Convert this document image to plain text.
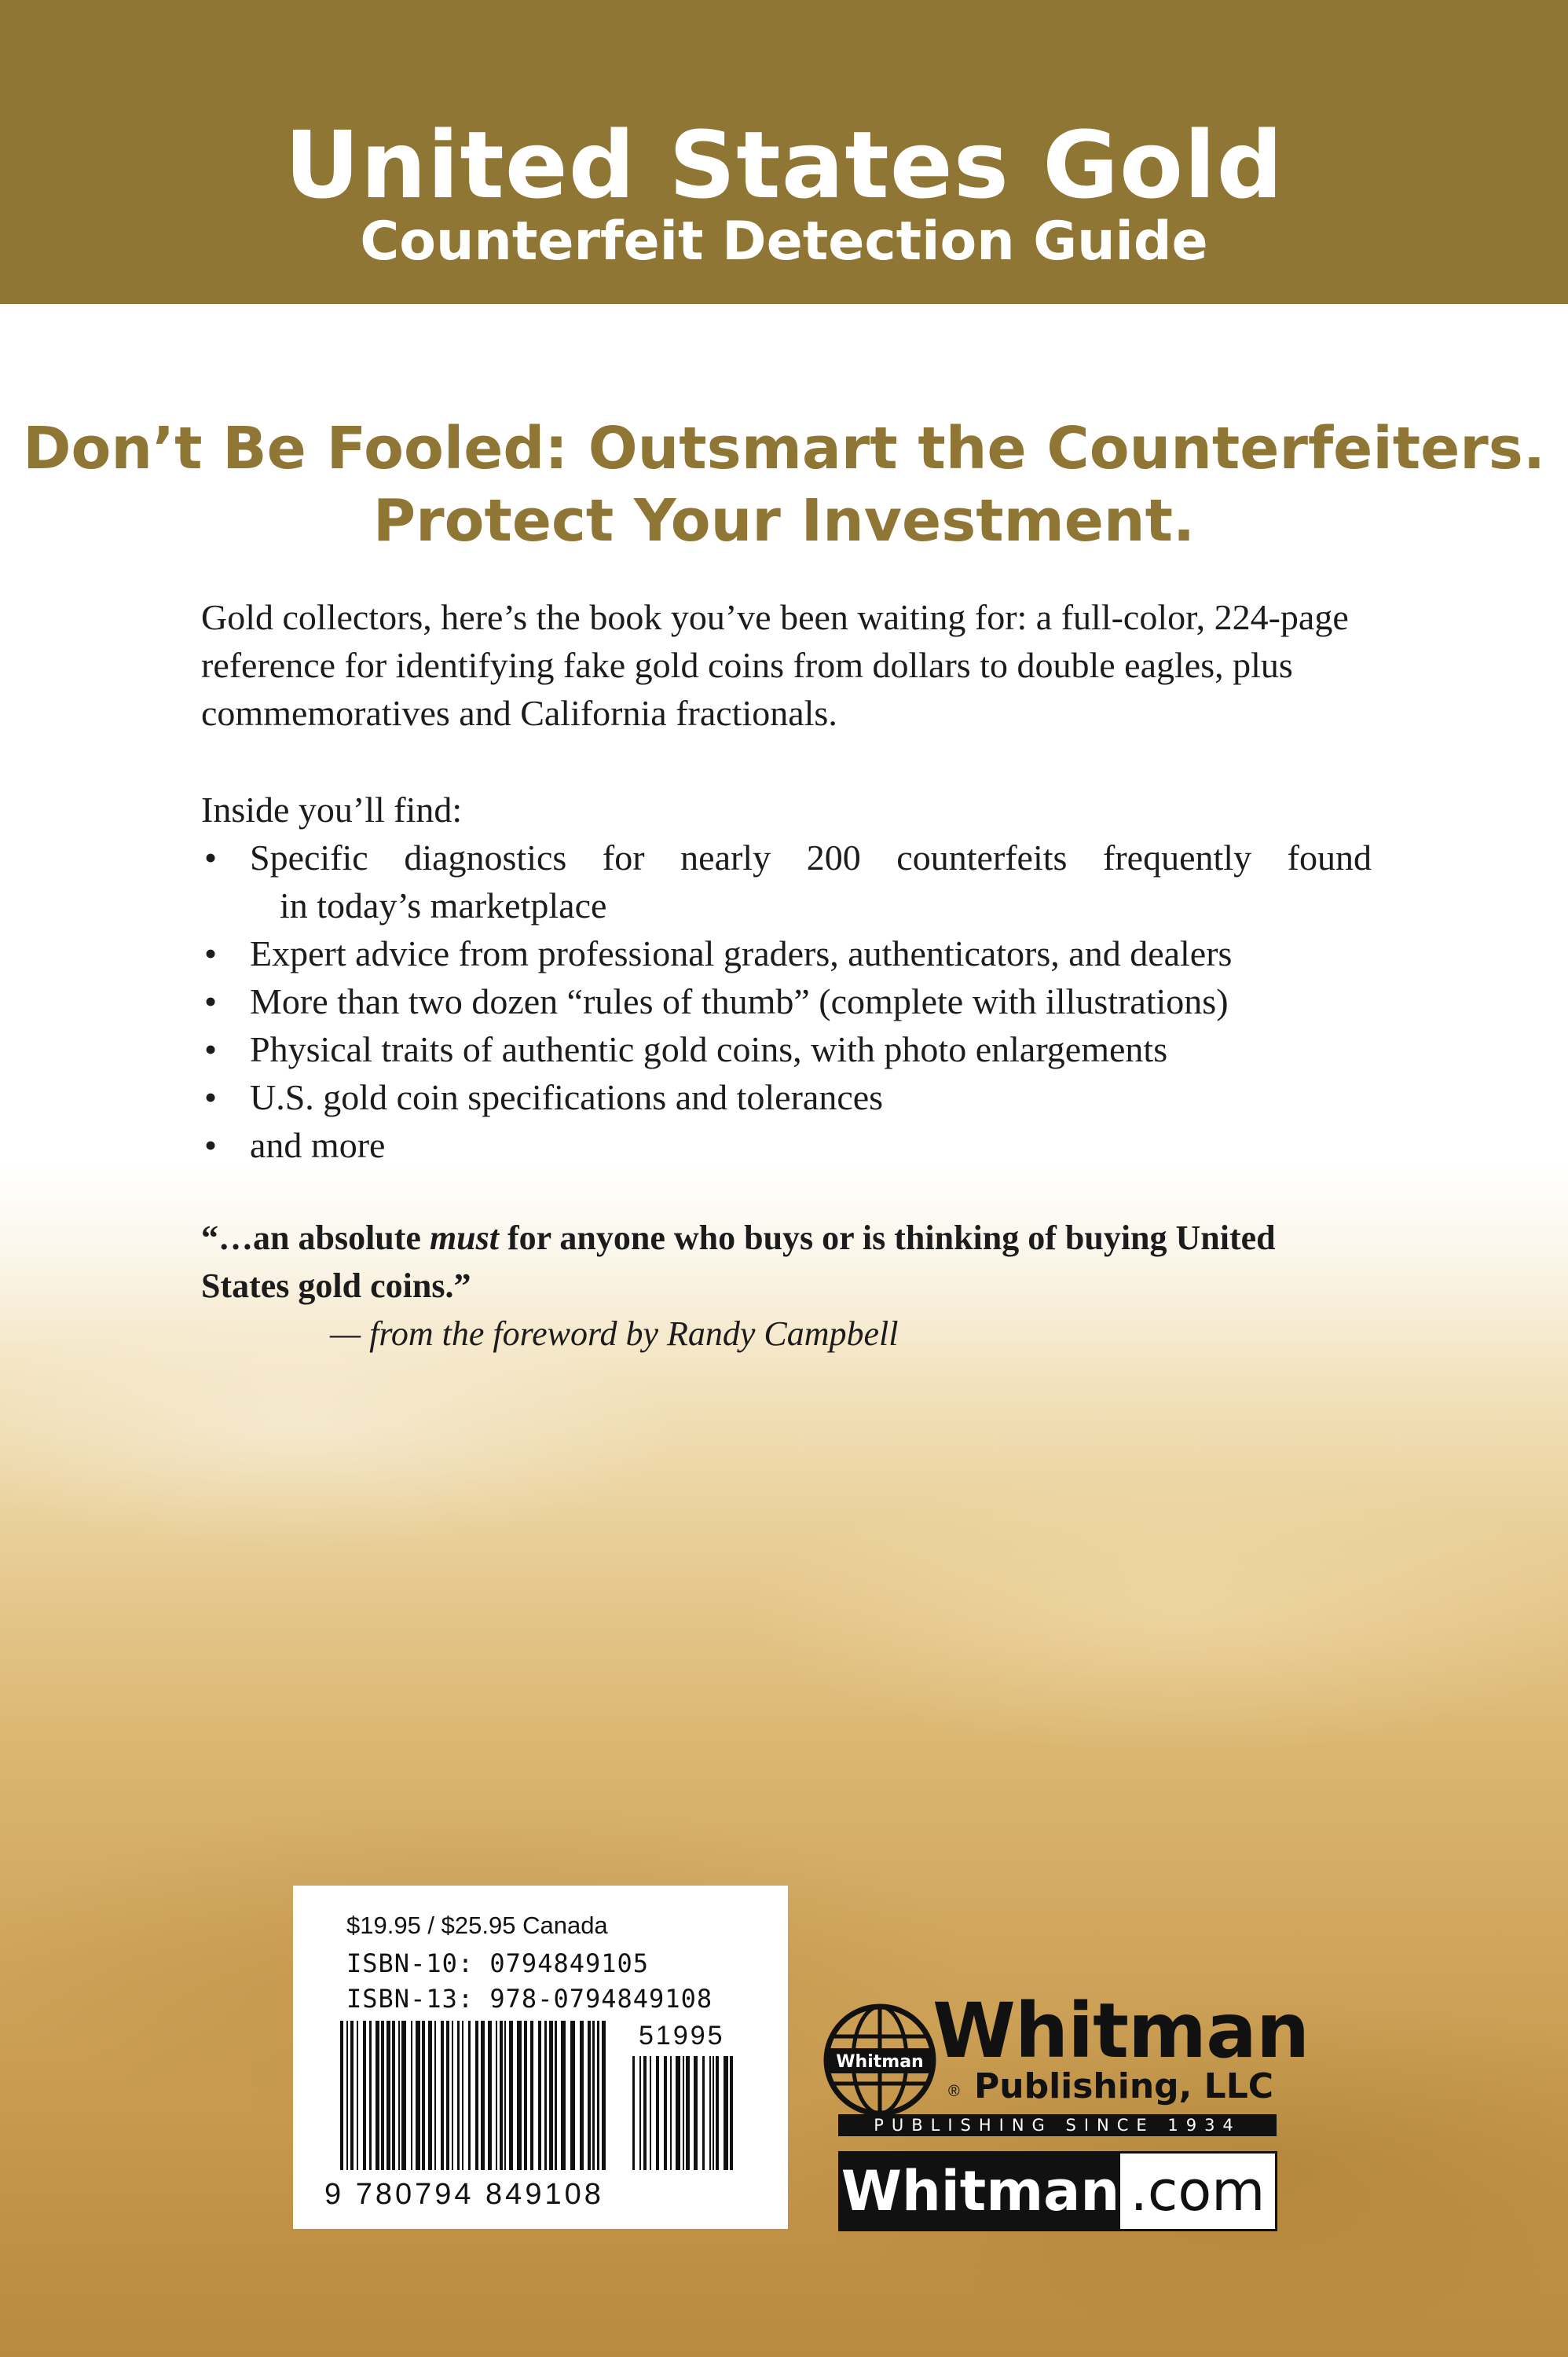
United States Gold
Counterfeit Detection Guide
Don’t Be Fooled: Outsmart the Counterfeiters.
Protect Your Investment.

Gold collectors, here’s the book you’ve been waiting for: a full-color, 224-page reference for identifying fake gold coins from dollars to double eagles, plus commemoratives and California fractionals.

Inside you’ll find:

• Specific diagnostics for nearly 200 counterfeits frequently found
in today’s marketplace
• Expert advice from professional graders, authenticators, and dealers
• More than two dozen “rules of thumb” (complete with illustrations)
• Physical traits of authentic gold coins, with photo enlargements
• U.S. gold coin specifications and tolerances
• and more
“…an absolute must for anyone who buys or is thinking of buying United States gold coins.”
— from the foreword by Randy Campbell
$19.95 / $25.95 Canada
ISBN-10: 0794849105
ISBN-13: 978-0794849108
51995
9 780794 849108
Whitman Whitman
® Publishing, LLC
PUBLISHING SINCE 1934
Whitman .com
